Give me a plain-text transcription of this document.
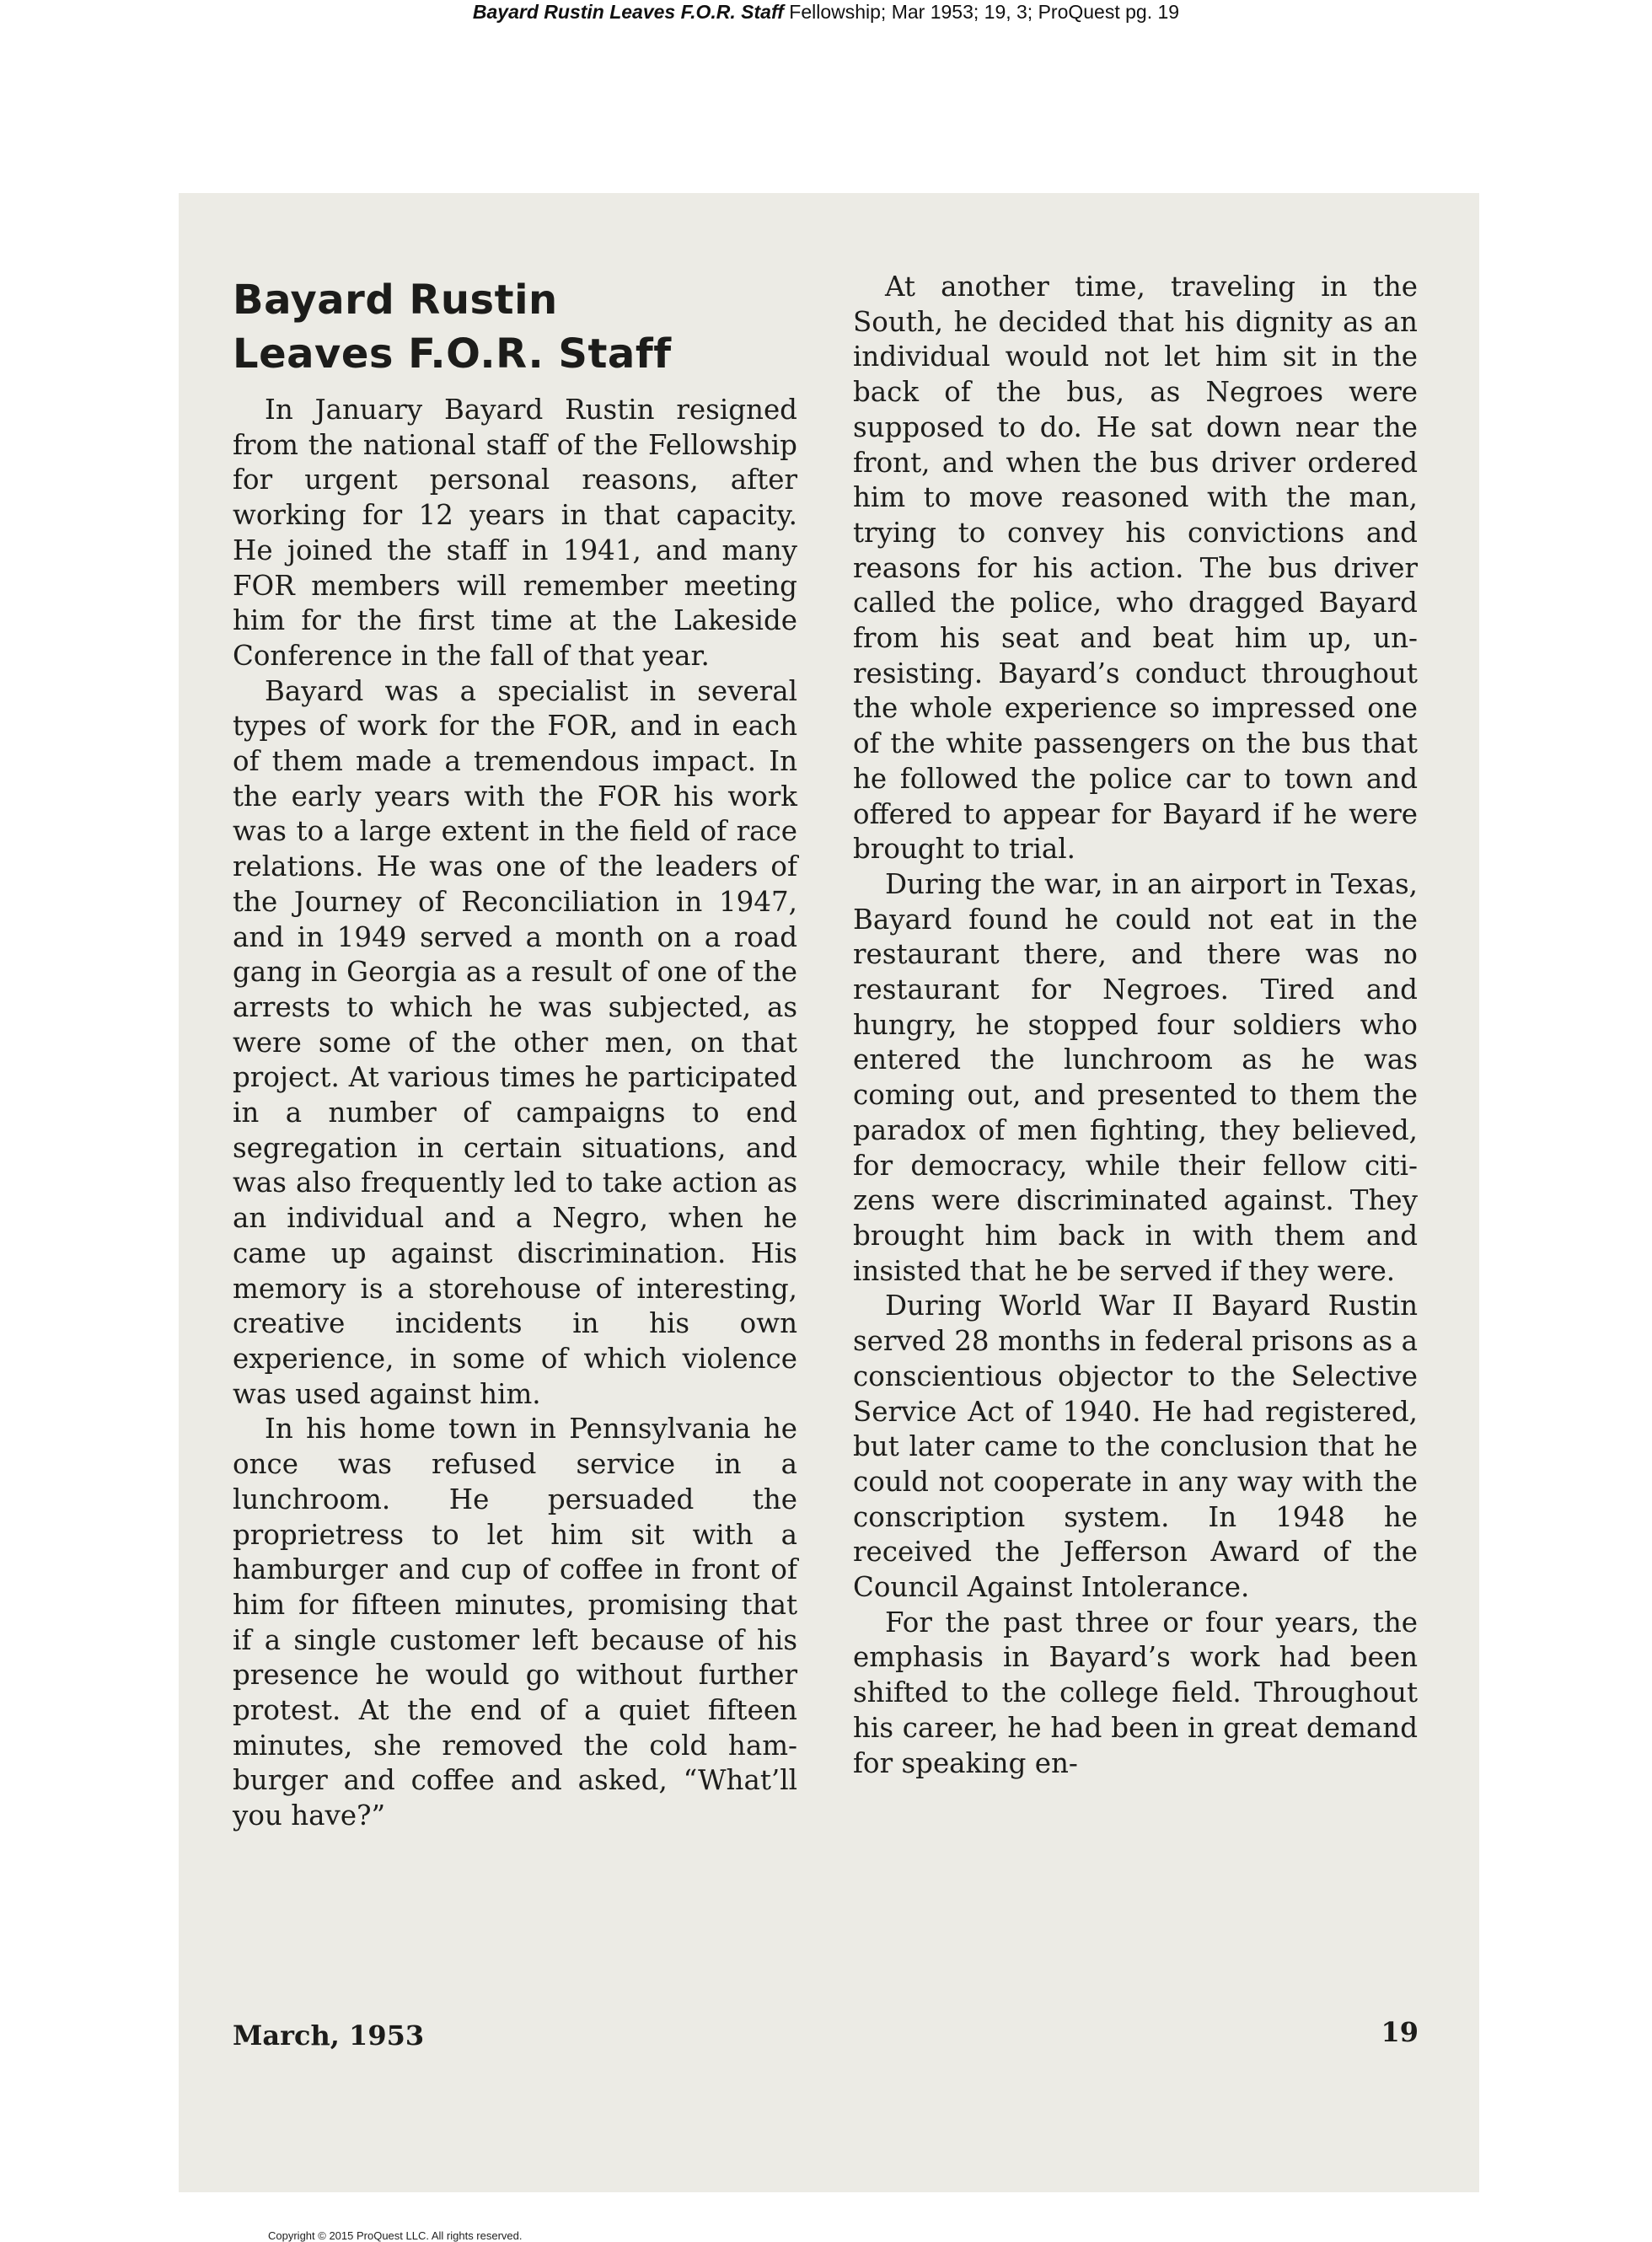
Bayard Rustin Leaves F.O.R. Staff Fellowship; Mar 1953; 19, 3; ProQuest pg. 19
Bayard Rustin
Leaves F.O.R. Staff

In January Bayard Rustin resigned from the national staff of the Fellowship for urgent personal reasons, after working for 12 years in that capacity. He joined the staff in 1941, and many FOR members will remember meeting him for the first time at the Lakeside Conference in the fall of that year.

Bayard was a specialist in several types of work for the FOR, and in each of them made a tremendous impact. In the early years with the FOR his work was to a large extent in the field of race relations. He was one of the leaders of the Journey of Reconciliation in 1947, and in 1949 served a month on a road gang in Georgia as a result of one of the arrests to which he was subjected, as were some of the other men, on that project. At various times he participated in a number of campaigns to end segregation in certain situations, and was also frequently led to take action as an individual and a Negro, when he came up against discrimination. His memory is a storehouse of interesting, creative incidents in his own experience, in some of which violence was used against him.

In his home town in Pennsylvania he once was refused service in a lunchroom. He persuaded the proprietress to let him sit with a hamburger and cup of coffee in front of him for fifteen minutes, promising that if a single customer left because of his presence he would go without further protest. At the end of a quiet fifteen minutes, she removed the cold hamburger and coffee and asked, “What’ll you have?”

At another time, traveling in the South, he decided that his dignity as an individual would not let him sit in the back of the bus, as Negroes were supposed to do. He sat down near the front, and when the bus driver ordered him to move reasoned with the man, trying to convey his convictions and reasons for his action. The bus driver called the police, who dragged Bayard from his seat and beat him up, unresisting. Bayard’s conduct throughout the whole experience so impressed one of the white passengers on the bus that he followed the police car to town and offered to appear for Bayard if he were brought to trial.

During the war, in an airport in Texas, Bayard found he could not eat in the restaurant there, and there was no restaurant for Negroes. Tired and hungry, he stopped four soldiers who entered the lunchroom as he was coming out, and presented to them the paradox of men fighting, they believed, for democracy, while their fellow citizens were discriminated against. They brought him back in with them and insisted that he be served if they were.

During World War II Bayard Rustin served 28 months in federal prisons as a conscientious objector to the Selective Service Act of 1940. He had registered, but later came to the conclusion that he could not cooperate in any way with the conscription system. In 1948 he received the Jefferson Award of the Council Against Intolerance.

For the past three or four years, the emphasis in Bayard’s work had been shifted to the college field. Throughout his career, he had been in great demand for speaking en-

March, 1953	19
Copyright © 2015 ProQuest LLC. All rights reserved.
